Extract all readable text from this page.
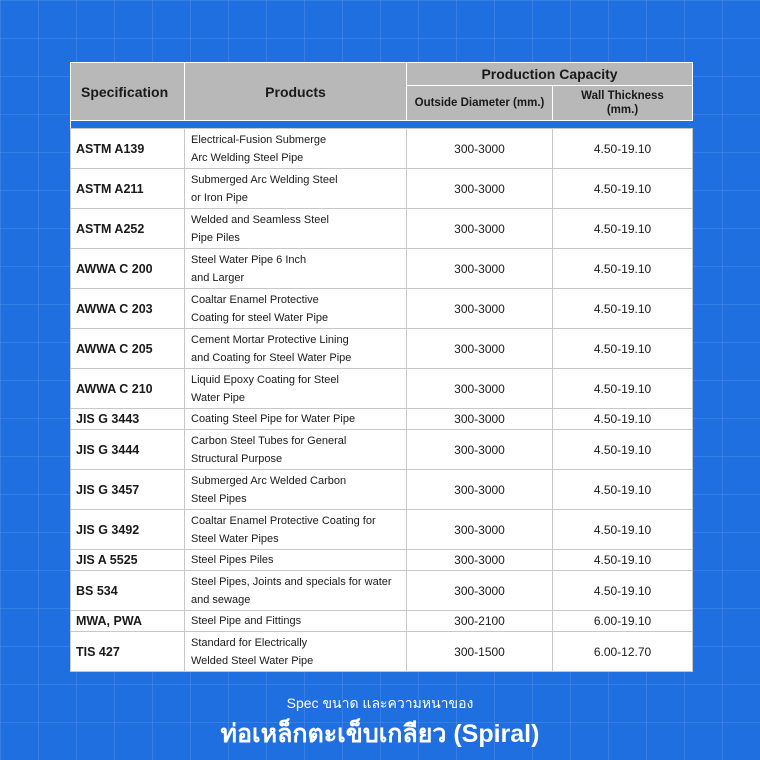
Specification	Products	Production Capacity	
		Outside Diameter (mm.)	Wall Thickness
(mm.)

ASTM A139	Electrical-Fusion Submerge
Arc Welding Steel Pipe	300-3000	4.50-19.10
ASTM A211	Submerged Arc Welding Steel
or Iron Pipe	300-3000	4.50-19.10
ASTM A252	Welded and Seamless Steel
Pipe Piles	300-3000	4.50-19.10
AWWA C 200	Steel Water Pipe 6 Inch
and Larger	300-3000	4.50-19.10
AWWA C 203	Coaltar Enamel Protective
Coating for steel Water Pipe	300-3000	4.50-19.10
AWWA C 205	Cement Mortar Protective Lining
and Coating for Steel Water Pipe	300-3000	4.50-19.10
AWWA C 210	Liquid Epoxy Coating for Steel
Water Pipe	300-3000	4.50-19.10
JIS G 3443	Coating Steel Pipe for Water Pipe	300-3000	4.50-19.10
JIS G 3444	Carbon Steel Tubes for General
Structural Purpose	300-3000	4.50-19.10
JIS G 3457	Submerged Arc Welded Carbon
Steel Pipes	300-3000	4.50-19.10
JIS G 3492	Coaltar Enamel Protective Coating for
Steel Water Pipes	300-3000	4.50-19.10
JIS A 5525	Steel Pipes Piles	300-3000	4.50-19.10
BS 534	Steel Pipes, Joints and specials for water
and sewage	300-3000	4.50-19.10
MWA, PWA	Steel Pipe and Fittings	300-2100	6.00-19.10
TIS 427	Standard for Electrically
Welded Steel Water Pipe	300-1500	6.00-12.70
Spec ขนาด และความหนาของ
ท่อเหล็กตะเข็บเกลียว (Spiral)
